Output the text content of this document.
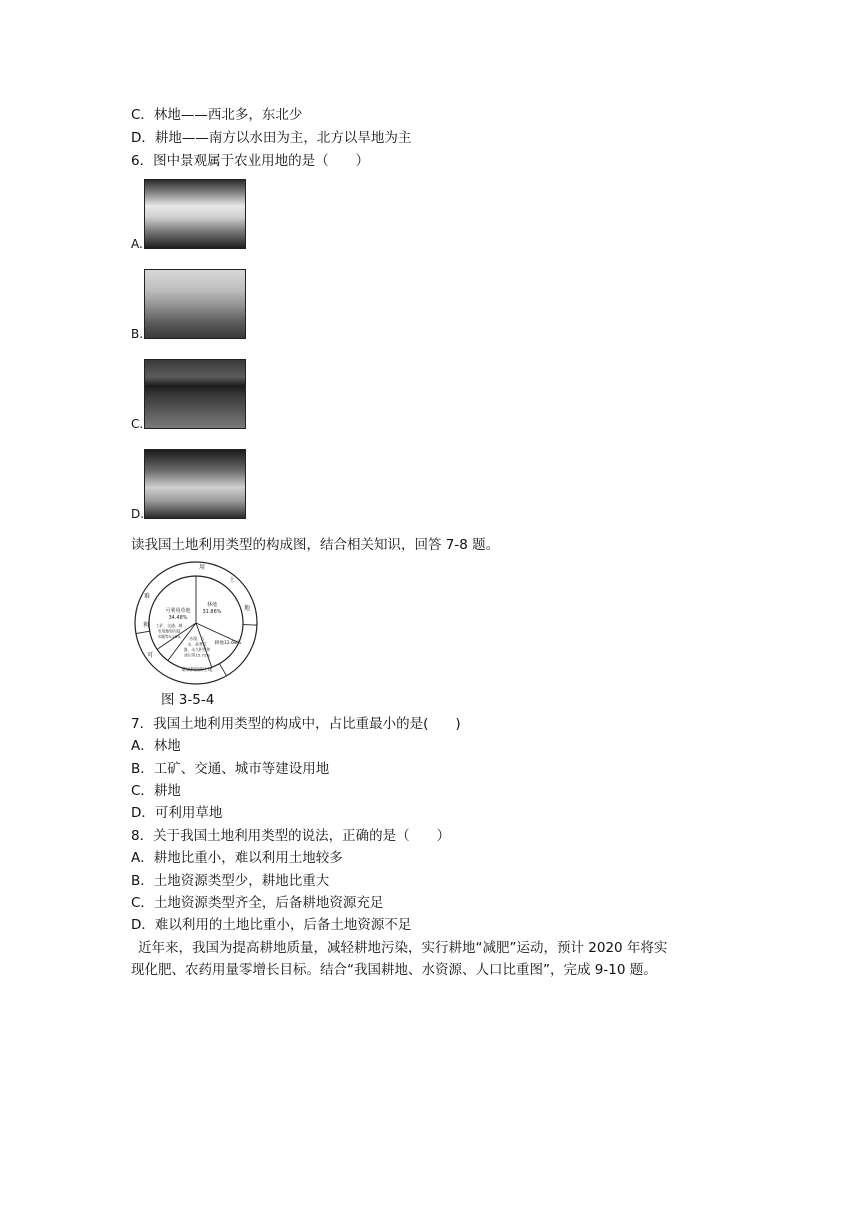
C．林地——西北多，东北少
D．耕地——南方以水田为主，北方以旱地为主
6．图中景观属于农业用地的是（　　）
A.
B.
C.
D.
读我国土地利用类型的构成图，结合相关知识，回答 7-8 题。
林地
31.86%
耕地12.68%
可利用草地
34.48%
工矿、交通、城
市用地和内陆
水域等5.26% 沙漠、石
山、高寒荒
漠、永久积雪和
冰川等15.72%
难以利用的土地
用
土
地
可
利
难
图 3-5-4
7．我国土地利用类型的构成中，占比重最小的是(　　)
A．林地
B．工矿、交通、城市等建设用地
C．耕地
D．可利用草地
8．关于我国土地利用类型的说法，正确的是（　　）
A．耕地比重小，难以利用土地较多
B．土地资源类型少，耕地比重大
C．土地资源类型齐全，后备耕地资源充足
D．难以利用的土地比重小，后备土地资源不足
近年来，我国为提高耕地质量，减轻耕地污染，实行耕地“减肥”运动，预计 2020 年将实
现化肥、农药用量零增长目标。结合“我国耕地、水资源、人口比重图”，完成 9-10 题。
